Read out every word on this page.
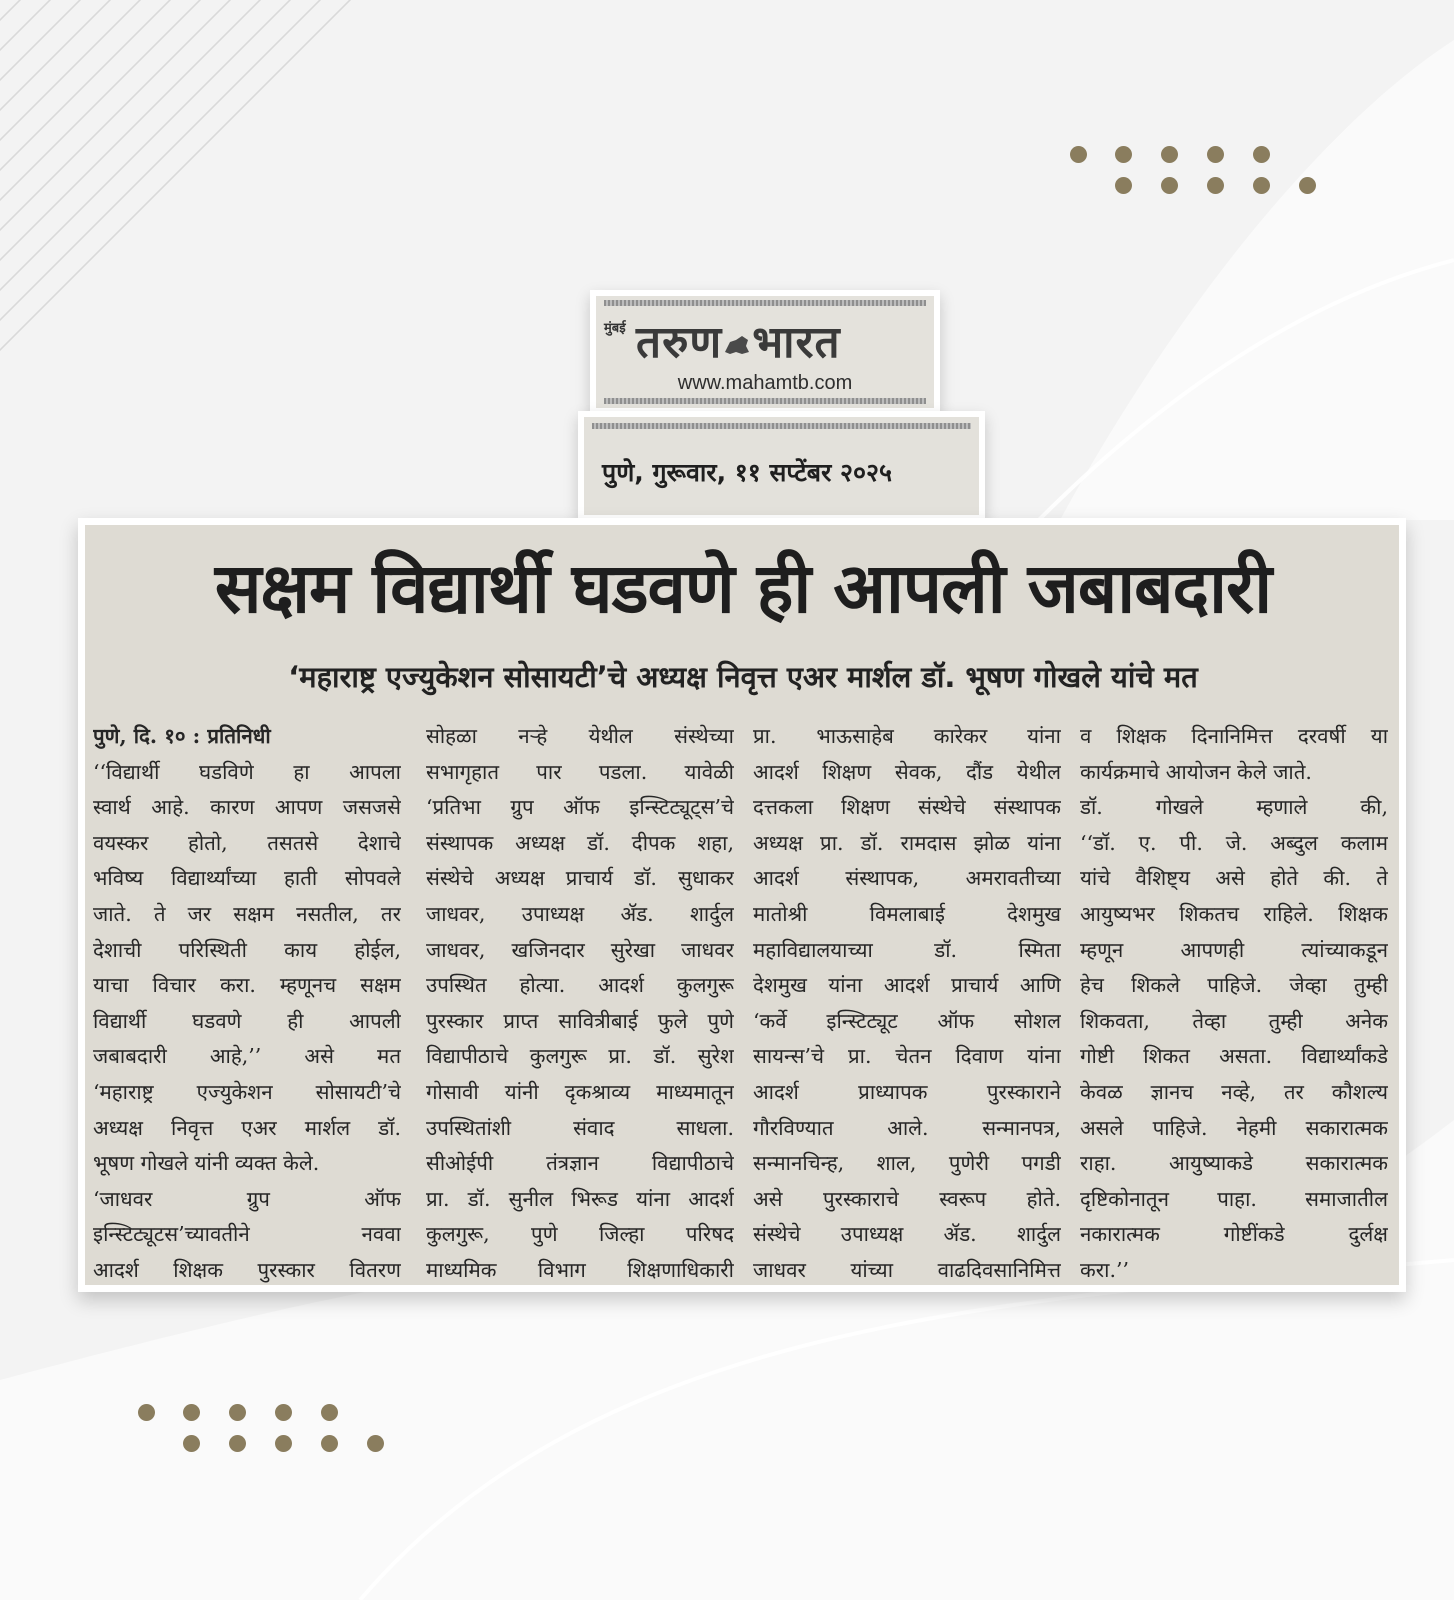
मुंबई तरुण भारत
www.mahamtb.com
पुणे, गुरूवार, ११ सप्टेंबर २०२५
सक्षम विद्यार्थी घडवणे ही आपली जबाबदारी
‘महाराष्ट्र एज्युकेशन सोसायटी’चे अध्यक्ष निवृत्त एअर मार्शल डॉ. भूषण गोखले यांचे मत
पुणे, दि. १० : प्रतिनिधी
‘‘विद्यार्थी घडविणे हा आपला
स्वार्थ आहे. कारण आपण जसजसे
वयस्कर होतो, तसतसे देशाचे
भविष्य विद्यार्थ्यांच्या हाती सोपवले
जाते. ते जर सक्षम नसतील, तर
देशाची परिस्थिती काय होईल,
याचा विचार करा. म्हणूनच सक्षम
विद्यार्थी घडवणे ही आपली
जबाबदारी आहे,’’ असे मत
‘महाराष्ट्र एज्युकेशन सोसायटी’चे
अध्यक्ष निवृत्त एअर मार्शल डॉ.
भूषण गोखले यांनी व्यक्त केले.
‘जाधवर ग्रुप ऑफ
इन्स्टिट्यूटस’च्यावतीने नववा
आदर्श शिक्षक पुरस्कार वितरण
सोहळा नऱ्हे येथील संस्थेच्या
सभागृहात पार पडला. यावेळी
‘प्रतिभा ग्रुप ऑफ इन्स्टिट्यूट्स’चे
संस्थापक अध्यक्ष डॉ. दीपक शहा,
संस्थेचे अध्यक्ष प्राचार्य डॉ. सुधाकर
जाधवर, उपाध्यक्ष ॲड. शार्दुल
जाधवर, खजिनदार सुरेखा जाधवर
उपस्थित होत्या. आदर्श कुलगुरू
पुरस्कार प्राप्त सावित्रीबाई फुले पुणे
विद्यापीठाचे कुलगुरू प्रा. डॉ. सुरेश
गोसावी यांनी दृकश्राव्य माध्यमातून
उपस्थितांशी संवाद साधला.
सीओईपी तंत्रज्ञान विद्यापीठाचे
प्रा. डॉ. सुनील भिरूड यांना आदर्श
कुलगुरू, पुणे जिल्हा परिषद
माध्यमिक विभाग शिक्षणाधिकारी
प्रा. भाऊसाहेब कारेकर यांना
आदर्श शिक्षण सेवक, दौंड येथील
दत्तकला शिक्षण संस्थेचे संस्थापक
अध्यक्ष प्रा. डॉ. रामदास झोळ यांना
आदर्श संस्थापक, अमरावतीच्या
मातोश्री विमलाबाई देशमुख
महाविद्यालयाच्या डॉ. स्मिता
देशमुख यांना आदर्श प्राचार्य आणि
‘कर्वे इन्स्टिट्यूट ऑफ सोशल
सायन्स’चे प्रा. चेतन दिवाण यांना
आदर्श प्राध्यापक पुरस्काराने
गौरविण्यात आले. सन्मानपत्र,
सन्मानचिन्ह, शाल, पुणेरी पगडी
असे पुरस्काराचे स्वरूप होते.
संस्थेचे उपाध्यक्ष ॲड. शार्दुल
जाधवर यांच्या वाढदिवसानिमित्त
व शिक्षक दिनानिमित्त दरवर्षी या
कार्यक्रमाचे आयोजन केले जाते.
डॉ. गोखले म्हणाले की,
‘‘डॉ. ए. पी. जे. अब्दुल कलाम
यांचे वैशिष्ट्य असे होते की. ते
आयुष्यभर शिकतच राहिले. शिक्षक
म्हणून आपणही त्यांच्याकडून
हेच शिकले पाहिजे. जेव्हा तुम्ही
शिकवता, तेव्हा तुम्ही अनेक
गोष्टी शिकत असता. विद्यार्थ्यांकडे
केवळ ज्ञानच नव्हे, तर कौशल्य
असले पाहिजे. नेहमी सकारात्मक
राहा. आयुष्याकडे सकारात्मक
दृष्टिकोनातून पाहा. समाजातील
नकारात्मक गोष्टींकडे दुर्लक्ष
करा.’’
